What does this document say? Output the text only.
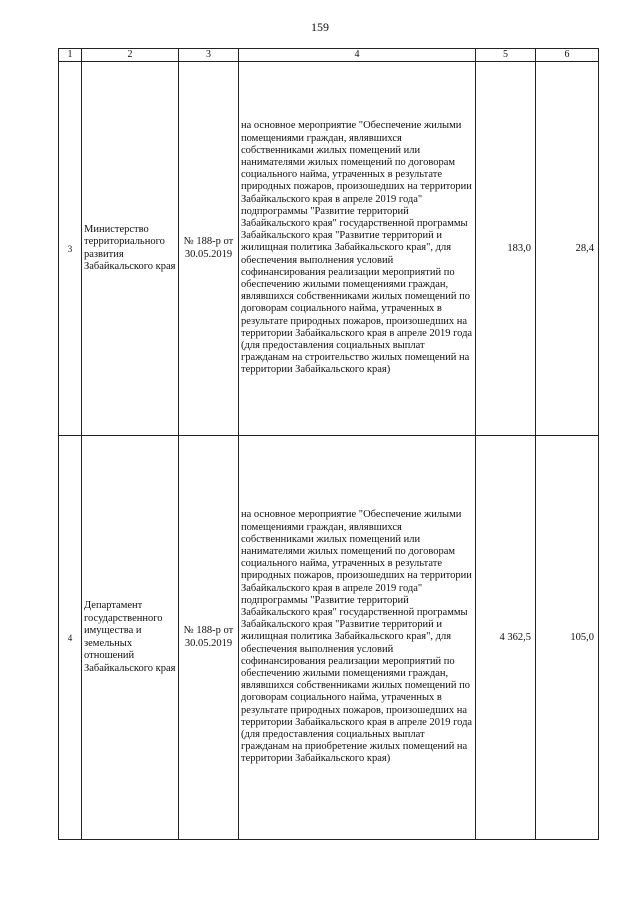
159
1	2	3	4	5	6
3	Министерство территориального развития Забайкальского края	№ 188-р от 30.05.2019	на основное мероприятие "Обеспечение жилыми помещениями граждан, являвшихся собственниками жилых помещений или нанимателями жилых помещений по договорам социального найма, утраченных в результате природных пожаров, произошедших на территории Забайкальского края в апреле 2019 года" подпрограммы "Развитие территорий Забайкальского края" государственной программы Забайкальского края "Развитие территорий и жилищная политика Забайкальского края", для обеспечения выполнения условий софинансирования реализации мероприятий по обеспечению жилыми помещениями граждан, являвшихся собственниками жилых помещений по договорам социального найма, утраченных в результате природных пожаров, произошедших на территории Забайкальского края в апреле 2019 года (для предоставления социальных выплат гражданам на строительство жилых помещений на территории Забайкальского края)	183,0	28,4
4	Департамент государственного имущества и земельных отношений Забайкальского края	№ 188-р от 30.05.2019	на основное мероприятие "Обеспечение жилыми помещениями граждан, являвшихся собственниками жилых помещений или нанимателями жилых помещений по договорам социального найма, утраченных в результате природных пожаров, произошедших на территории Забайкальского края в апреле 2019 года" подпрограммы "Развитие территорий Забайкальского края" государственной программы Забайкальского края "Развитие территорий и жилищная политика Забайкальского края", для обеспечения выполнения условий софинансирования реализации мероприятий по обеспечению жилыми помещениями граждан, являвшихся собственниками жилых помещений по договорам социального найма, утраченных в результате природных пожаров, произошедших на территории Забайкальского края в апреле 2019 года (для предоставления социальных выплат гражданам на приобретение жилых помещений на территории Забайкальского края)	4 362,5	105,0
